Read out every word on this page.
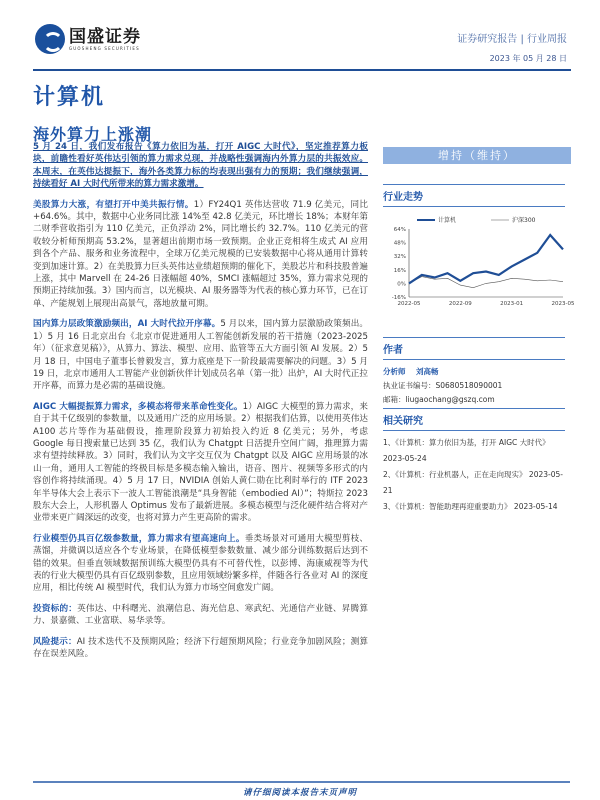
国盛证券
GUOSHENG SECURITIES
证券研究报告 | 行业周报
2023 年 05 月 28 日
计算机
海外算力上涨潮

5 月 24 日，我们发布报告《算力依旧为基，打开 AIGC 大时代》，坚定推荐算力板块，前瞻性看好英伟达引领的算力需求兑现，并战略性强调海内外算力层的共振效应。本周末，在英伟达提振下，海外各类算力标的均表现出强有力的预期；我们继续强调，持续看好 AI 大时代所带来的算力需求激增。

美股算力大涨，有望打开中美共振行情。1）FY24Q1 英伟达营收 71.9 亿美元，同比+64.6%。其中，数据中心业务同比涨 14%至 42.8 亿美元，环比增长 18%；本财年第二财季营收指引为 110 亿美元，正负浮动 2%，同比增长约 32.7%。110 亿美元的营收较分析师预期高 53.2%，显著超出前期市场一致预期。企业正竞相将生成式 AI 应用到各个产品、服务和业务流程中，全球万亿美元规模的已安装数据中心将从通用计算转变到加速计算。2）在美股算力巨头英伟达业绩超预期的催化下，美股芯片和科技股普遍上涨，其中 Marvell 在 24-26 日涨幅超 40%，SMCI 涨幅超过 35%，算力需求兑现的预期正持续加强。3）国内而言，以光模块、AI 服务器等为代表的核心算力环节，已在订单、产能规划上展现出高景气，落地放量可期。

国内算力层政策激励频出，AI 大时代拉开序幕。5 月以来，国内算力层激励政策频出。1）5 月 16 日北京出台《北京市促进通用人工智能创新发展的若干措施（2023-2025 年）（征求意见稿）》，从算力、算法、模型、应用、监管等五大方面引领 AI 发展。2）5 月 18 日，中国电子董事长曾毅发言，算力底座是下一阶段最需要解决的问题。3）5 月 19 日，北京市通用人工智能产业创新伙伴计划成员名单（第一批）出炉，AI 大时代正拉开序幕，而算力是必需的基础设施。

AIGC 大幅提振算力需求，多模态将带来革命性变化。1）AIGC 大模型的算力需求，来自于其千亿级别的参数量，以及通用广泛的应用场景。2）根据我们估算，以使用英伟达 A100 芯片等作为基础假设，推理阶段算力初始投入约近 8 亿美元；另外，考虑 Google 每日搜索量已达到 35 亿，我们认为 Chatgpt 日活提升空间广阔，推理算力需求有望持续释放。3）同时，我们认为文字交互仅为 Chatgpt 以及 AIGC 应用场景的冰山一角，通用人工智能的终极目标是多模态输入输出，语音、图片、视频等多形式的内容创作将持续涌现。4）5 月 17 日，NVIDIA 创始人黄仁勋在比利时举行的 ITF 2023 年半导体大会上表示下一波人工智能浪潮是“具身智能（embodied AI）”；特斯拉 2023 股东大会上，人形机器人 Optimus 发布了最新进展。多模态模型与泛化硬件结合将对产业带来更广阔深远的改变，也将对算力产生更高阶的需求。

行业模型仍具百亿级参数量，算力需求有望高速向上。垂类场景对可通用大模型剪枝、蒸馏，并微调以适应各个专业场景，在降低模型参数数量、减少部分训练数据后达到不错的效果。但垂直领域数据预训练大模型仍具有不可替代性，以彭博、海康威视等为代表的行业大模型仍具有百亿级别参数，且应用领域纷繁多样，伴随各行各业对 AI 的深度应用，相比传统 AI 模型时代，我们认为算力市场空间愈发广阔。

投资标的：英伟达、中科曙光、浪潮信息、海光信息、寒武纪、光通信产业链、昇腾算力、景嘉微、工业富联、易华录等。

风险提示：AI 技术迭代不及预期风险；经济下行超预期风险；行业竞争加剧风险；测算存在误差风险。

增持（维持）
行业走势
64%
48%
32%
16%
0%
-16%
2022-05	2022-09	2023-01	2023-05
计算机	沪深300
作者
分析师 刘高畅
执业证书编号：S0680518090001
邮箱：liugaochang@gszq.com
相关研究
1、《计算机：算力依旧为基，打开 AIGC 大时代》
2023-05-24
2、《计算机：行业机器人，正在走向现实》 2023-05-21
3、《计算机：智能助理再迎重要助力》 2023-05-14
请仔细阅读本报告末页声明
